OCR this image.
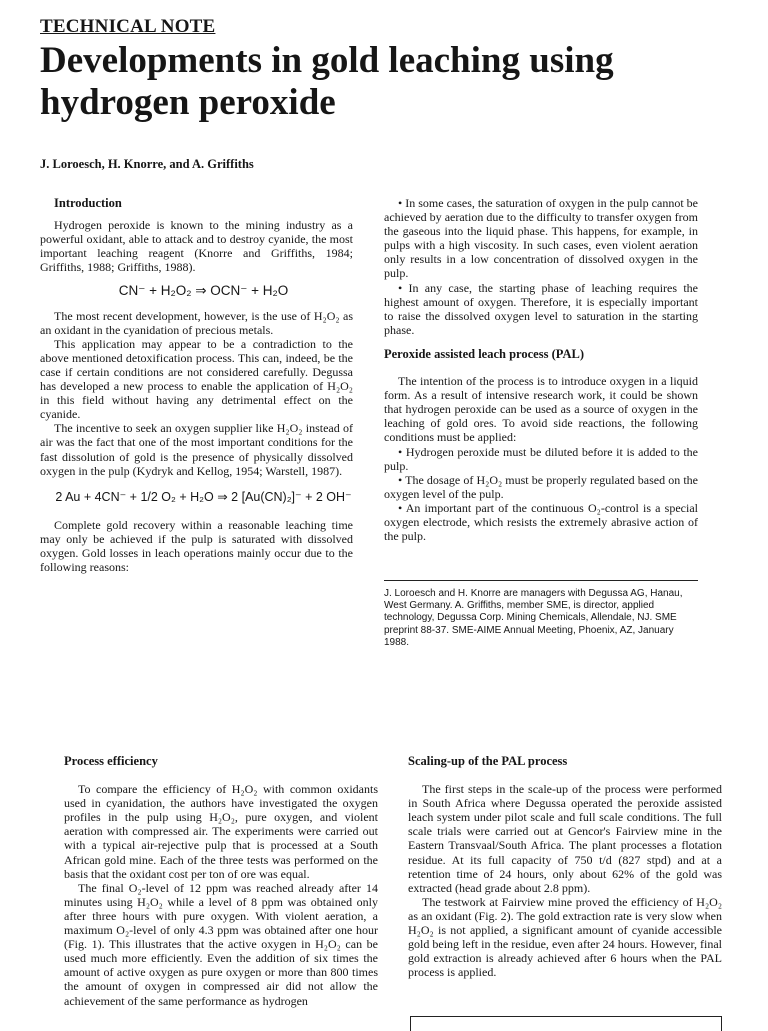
TECHNICAL NOTE
Developments in gold leaching using hydrogen peroxide
J. Loroesch, H. Knorre, and A. Griffiths

Introduction

Hydrogen peroxide is known to the mining industry as a powerful oxidant, able to attack and to destroy cyanide, the most important leaching reagent (Knorre and Griffiths, 1984; Griffiths, 1988; Griffiths, 1988).

CN⁻ + H₂O₂ ⇒ OCN⁻ + H₂O

The most recent development, however, is the use of H₂O₂ as an oxidant in the cyanidation of precious metals.

This application may appear to be a contradiction to the above mentioned detoxification process. This can, indeed, be the case if certain conditions are not considered carefully. Degussa has developed a new process to enable the application of H₂O₂ in this field without having any detrimental effect on the cyanide.

The incentive to seek an oxygen supplier like H₂O₂ instead of air was the fact that one of the most important conditions for the fast dissolution of gold is the presence of physically dissolved oxygen in the pulp (Kydryk and Kellog, 1954; Warstell, 1987).

2 Au + 4CN⁻ + 1/2 O₂ + H₂O ⇒ 2 [Au(CN)₂]⁻ + 2 OH⁻

Complete gold recovery within a reasonable leaching time may only be achieved if the pulp is saturated with dissolved oxygen. Gold losses in leach operations mainly occur due to the following reasons:

• In some cases, the saturation of oxygen in the pulp cannot be achieved by aeration due to the difficulty to transfer oxygen from the gaseous into the liquid phase. This happens, for example, in pulps with a high viscosity. In such cases, even violent aeration only results in a low concentration of dissolved oxygen in the pulp.

• In any case, the starting phase of leaching requires the highest amount of oxygen. Therefore, it is especially important to raise the dissolved oxygen level to saturation in the starting phase.

Peroxide assisted leach process (PAL)

The intention of the process is to introduce oxygen in a liquid form. As a result of intensive research work, it could be shown that hydrogen peroxide can be used as a source of oxygen in the leaching of gold ores. To avoid side reactions, the following conditions must be applied:

• Hydrogen peroxide must be diluted before it is added to the pulp.

• The dosage of H₂O₂ must be properly regulated based on the oxygen level of the pulp.

• An important part of the continuous O₂-control is a special oxygen electrode, which resists the extremely abrasive action of the pulp.

J. Loroesch and H. Knorre are managers with Degussa AG, Hanau, West Germany. A. Griffiths, member SME, is director, applied technology, Degussa Corp. Mining Chemicals, Allendale, NJ. SME preprint 88-37. SME-AIME Annual Meeting, Phoenix, AZ, January 1988.

Process efficiency

To compare the efficiency of H₂O₂ with common oxidants used in cyanidation, the authors have investigated the oxygen profiles in the pulp using H₂O₂, pure oxygen, and violent aeration with compressed air. The experiments were carried out with a typical air-rejective pulp that is processed at a South African gold mine. Each of the three tests was performed on the basis that the oxidant cost per ton of ore was equal.

The final O₂-level of 12 ppm was reached already after 14 minutes using H₂O₂ while a level of 8 ppm was obtained only after three hours with pure oxygen. With violent aeration, a maximum O₂-level of only 4.3 ppm was obtained after one hour (Fig. 1). This illustrates that the active oxygen in H₂O₂ can be used much more efficiently. Even the addition of six times the amount of active oxygen as pure oxygen or more than 800 times the amount of oxygen in compressed air did not allow the achievement of the same performance as hydrogen

Scaling-up of the PAL process

The first steps in the scale-up of the process were performed in South Africa where Degussa operated the peroxide assisted leach system under pilot scale and full scale conditions. The full scale trials were carried out at Gencor's Fairview mine in the Eastern Transvaal/South Africa. The plant processes a flotation residue. At its full capacity of 750 t/d (827 stpd) and at a retention time of 24 hours, only about 62% of the gold was extracted (head grade about 2.8 ppm).

The testwork at Fairview mine proved the efficiency of H₂O₂ as an oxidant (Fig. 2). The gold extraction rate is very slow when H₂O₂ is not applied, a significant amount of cyanide accessible gold being left in the residue, even after 24 hours. However, final gold extraction is already achieved after 6 hours when the PAL process is applied.
